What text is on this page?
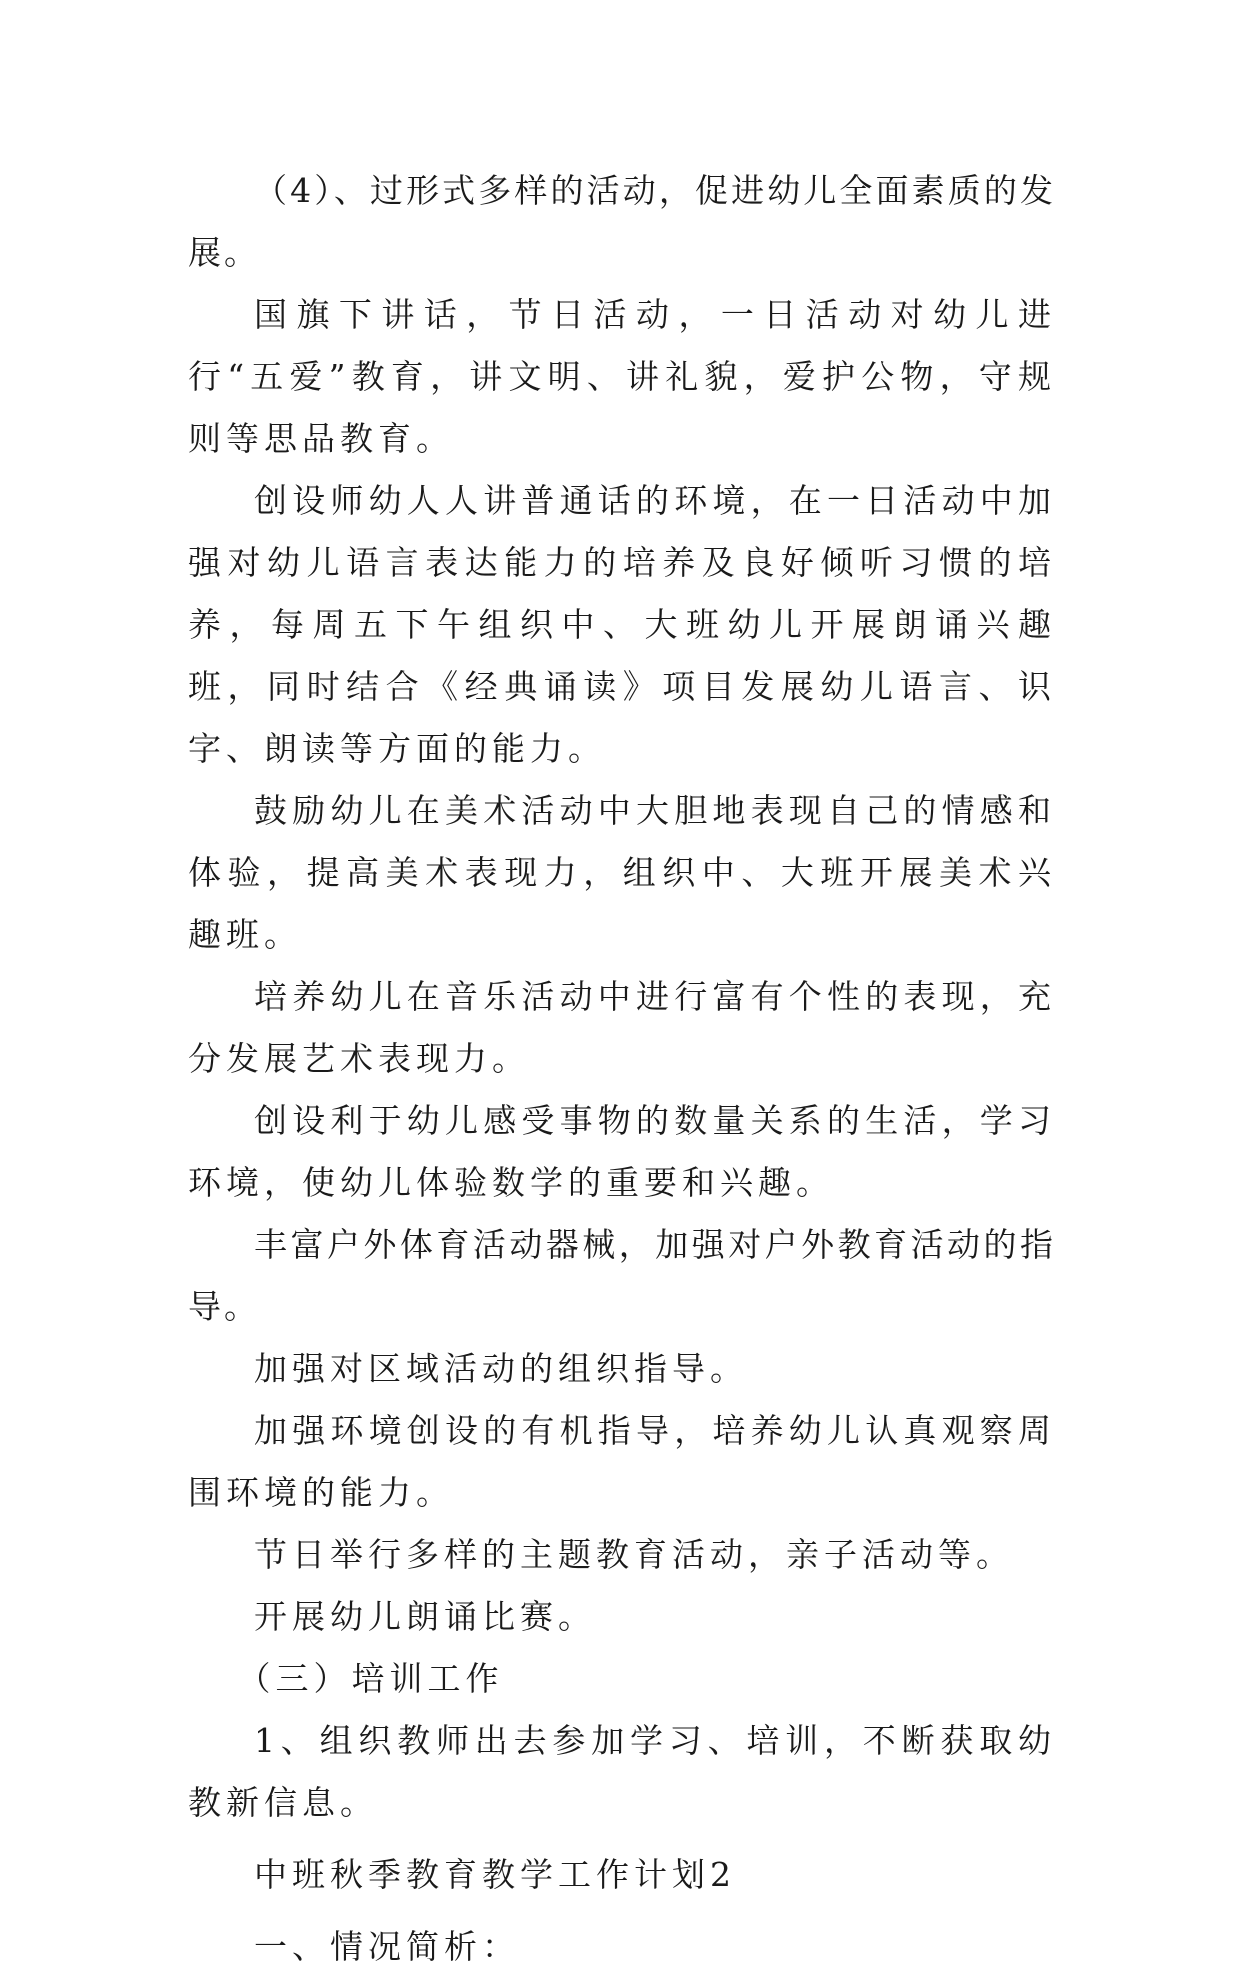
（4）、过形式多样的活动，促进幼儿全面素质的发展。

国旗下讲话，节日活动，一日活动对幼儿进行“五爱”教育，讲文明、讲礼貌，爱护公物，守规则等思品教育。

创设师幼人人讲普通话的环境，在一日活动中加强对幼儿语言表达能力的培养及良好倾听习惯的培养，每周五下午组织中、大班幼儿开展朗诵兴趣班，同时结合《经典诵读》项目发展幼儿语言、识字、朗读等方面的能力。

鼓励幼儿在美术活动中大胆地表现自己的情感和体验，提高美术表现力，组织中、大班开展美术兴趣班。

培养幼儿在音乐活动中进行富有个性的表现，充分发展艺术表现力。

创设利于幼儿感受事物的数量关系的生活，学习环境，使幼儿体验数学的重要和兴趣。

丰富户外体育活动器械，加强对户外教育活动的指导。

加强对区域活动的组织指导。

加强环境创设的有机指导，培养幼儿认真观察周围环境的能力。

节日举行多样的主题教育活动，亲子活动等。

开展幼儿朗诵比赛。

（三）培训工作

1、组织教师出去参加学习、培训，不断获取幼教新信息。

中班秋季教育教学工作计划2

一、情况简析：
